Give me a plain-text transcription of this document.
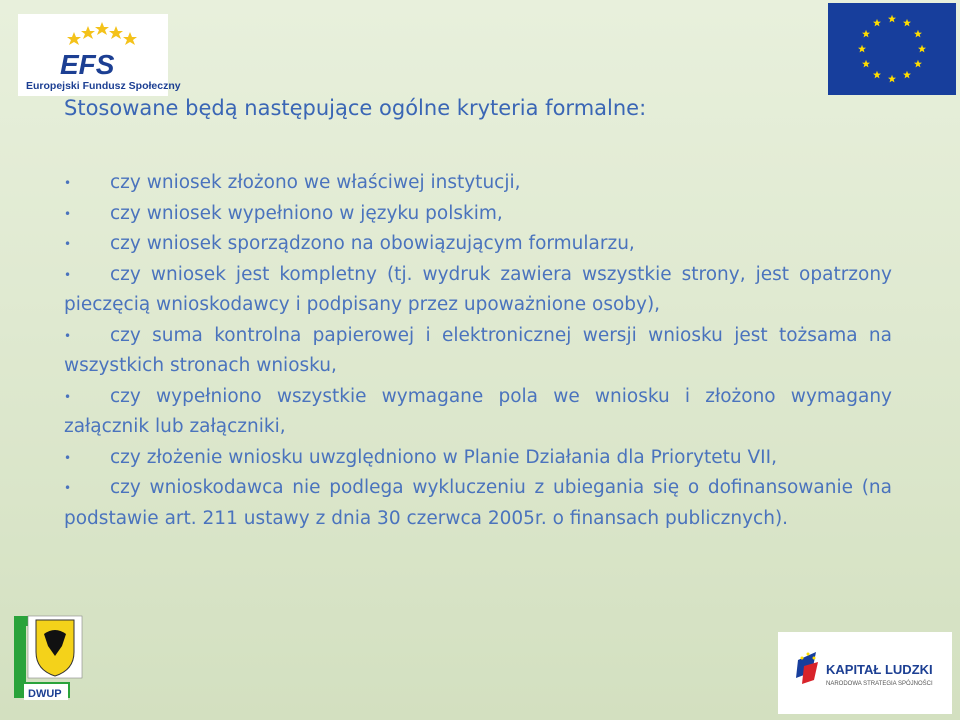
EFS
Europejski Fundusz Społeczny
Stosowane będą następujące ogólne kryteria formalne:
•	czy wniosek złożono we właściwej instytucji,
•	czy wniosek wypełniono w języku polskim,
•	czy wniosek sporządzono na obowiązującym formularzu,
•	czy wniosek jest kompletny (tj. wydruk zawiera wszystkie strony, jest opatrzony pieczęcią wnioskodawcy i podpisany przez upoważnione osoby),
•	czy suma kontrolna papierowej i elektronicznej wersji wniosku jest tożsama na wszystkich stronach wniosku,
•	czy wypełniono wszystkie wymagane pola we wniosku i złożono wymagany załącznik lub załączniki,
•	czy złożenie wniosku uwzględniono w Planie Działania dla Priorytetu VII,
•	czy wnioskodawca nie podlega wykluczeniu z ubiegania się o dofinansowanie (na podstawie art. 211 ustawy z dnia 30 czerwca 2005r. o finansach publicznych).
DWUP
KAPITAŁ LUDZKI
NARODOWA STRATEGIA SPÓJNOŚCI
